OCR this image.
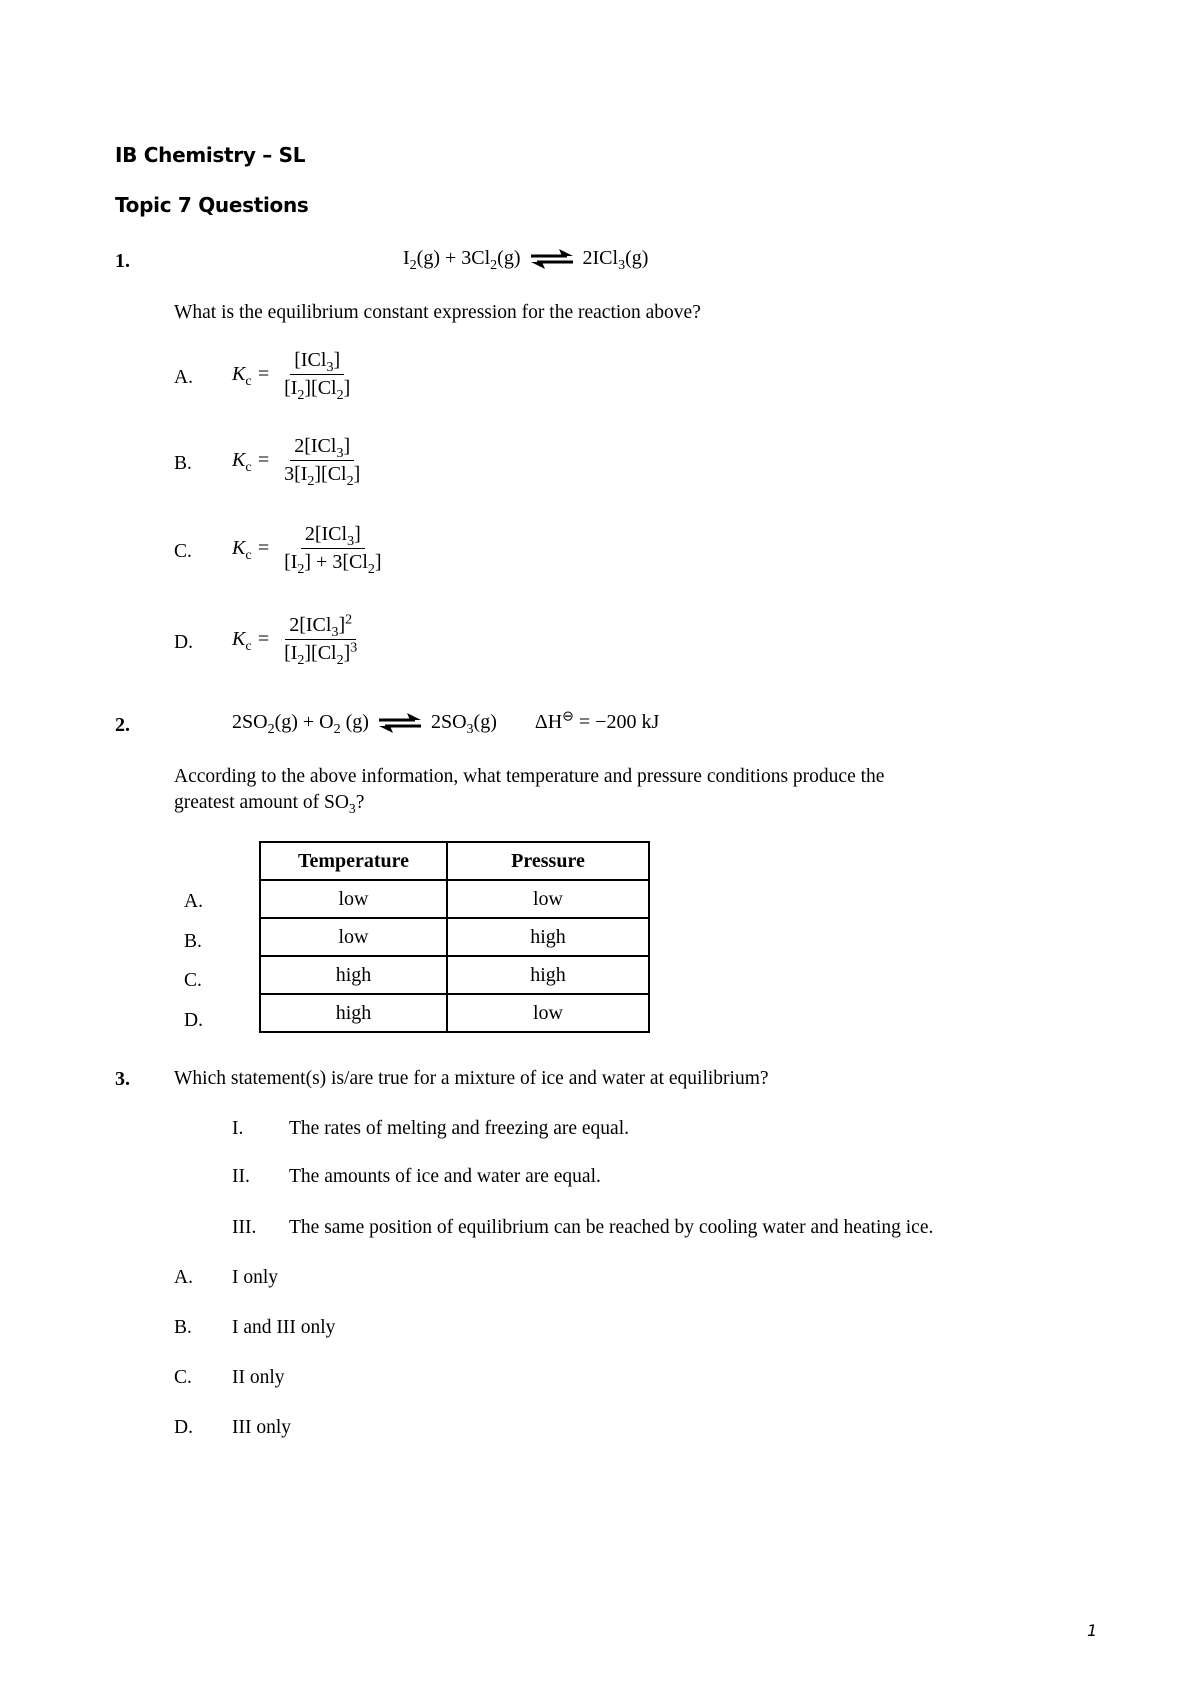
IB Chemistry – SL
Topic 7 Questions
1.	$I_2(g) + 3Cl_2(g)$ ⇌ 2ICl$_3$(g)
What is the equilibrium constant expression for the reaction above?
A. $K_c = \frac{[ICl_3]}{[I_2][Cl_2]}$
B. $K_c = \frac{2[ICl_3]}{3[I_2][Cl_2]}$
C. $K_c = \frac{2[ICl_3]}{[I_2] + 3[Cl_2]}$
D. $K_c = \frac{2[ICl_3]^2}{[I_2][Cl_2]^3}$
2.	$2SO_2(g) + O_2$ (g) ⇌ $2SO_3(g) \Delta H^⊖ = -200$ kJ
According to the above information, what temperature and pressure conditions produce the
greatest amount of $SO_3$?
A.
B.
C.
D.
Temperature	Pressure
low	low
low	high
high	high
high	low
3. Which statement(s) is/are true for a mixture of ice and water at equilibrium?
I. The rates of melting and freezing are equal.
II. The amounts of ice and water are equal.
III. The same position of equilibrium can be reached by cooling water and heating ice.
A. I only
B. I and III only
C. II only
D. III only
1
